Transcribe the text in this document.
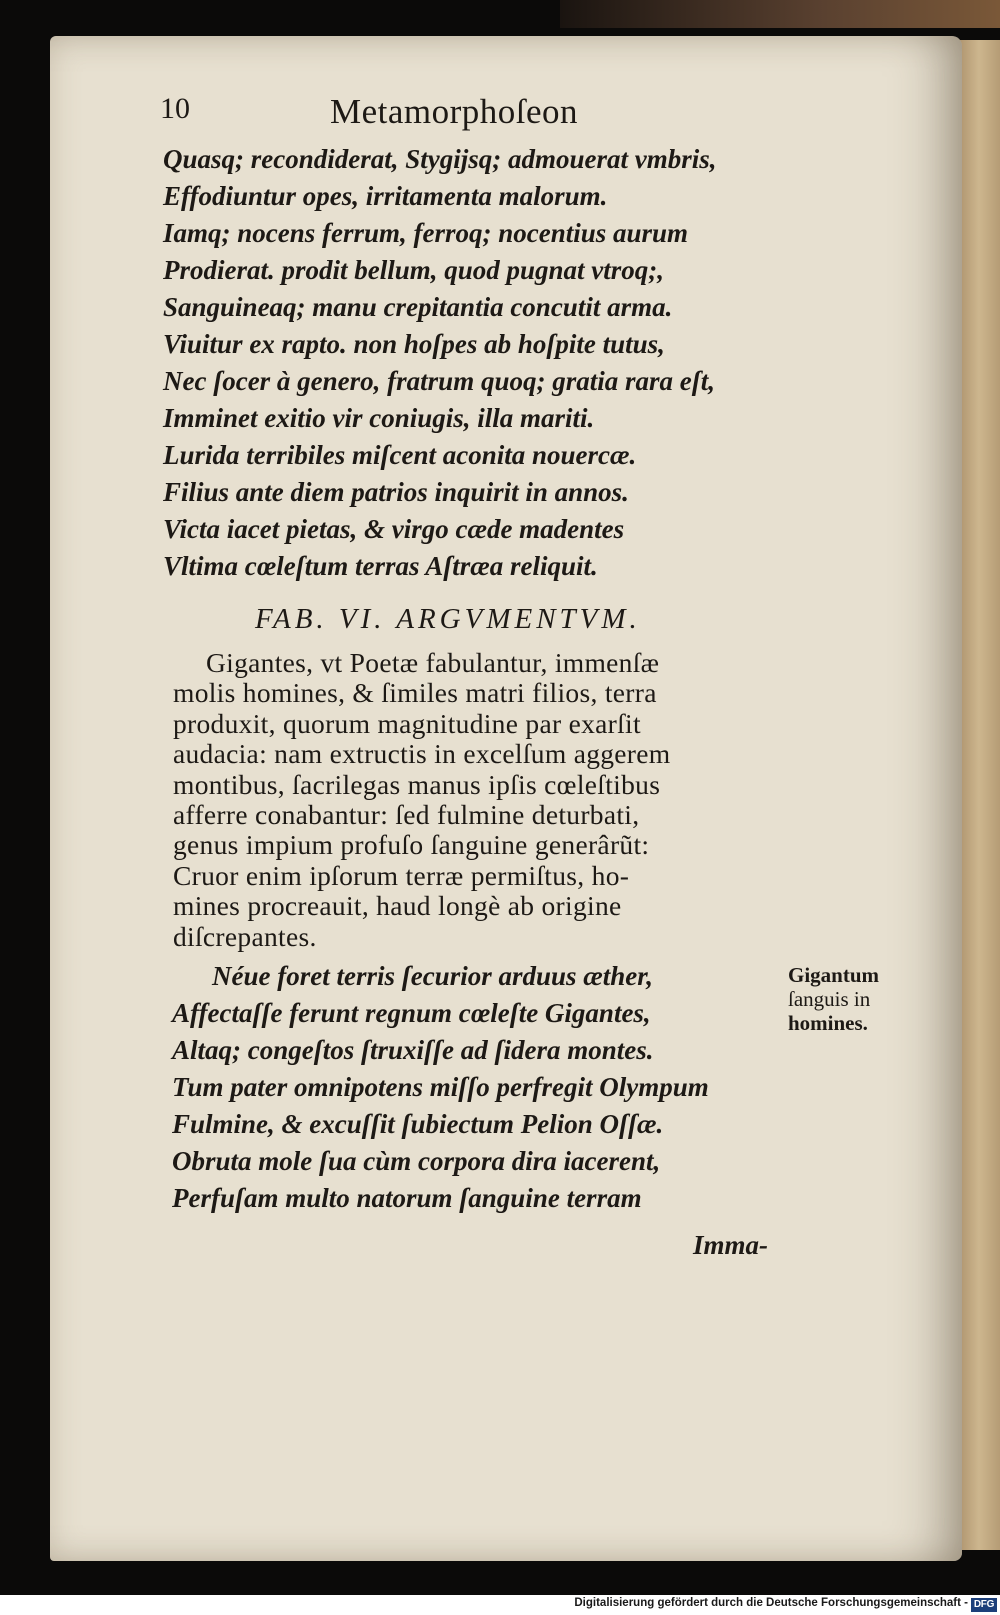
10	Metamorphoſeon
Quasq; recondiderat, Stygijsq; admouerat vmbris,
Effodiuntur opes, irritamenta malorum.
Iamq; nocens ferrum, ferroq; nocentius aurum
Prodierat. prodit bellum, quod pugnat vtroq;,
Sanguineaq; manu crepitantia concutit arma.
Viuitur ex rapto. non hoſpes ab hoſpite tutus,
Nec ſocer à genero, fratrum quoq; gratia rara eſt,
Imminet exitio vir coniugis, illa mariti.
Lurida terribiles miſcent aconita nouercæ.
Filius ante diem patrios inquirit in annos.
Victa iacet pietas, & virgo cæde madentes
Vltima cœleſtum terras Aſtræa reliquit.
FAB. VI. ARGVMENTVM.
Gigantes, vt Poetæ fabulantur, immenſæ
molis homines, & ſimiles matri filios, terra
produxit, quorum magnitudine par exarſit
audacia: nam extructis in excelſum aggerem
montibus, ſacrilegas manus ipſis cœleſtibus
afferre conabantur: ſed fulmine deturbati,
genus impium profuſo ſanguine generârũt:
Cruor enim ipſorum terræ permiſtus, ho-
mines procreauit, haud longè ab origine
diſcrepantes.
Néue foret terris ſecurior arduus æther,
Affectaſſe ferunt regnum cœleſte Gigantes,
Altaq; congeſtos ſtruxiſſe ad ſidera montes.
Tum pater omnipotens miſſo perfregit Olympum
Fulmine, & excuſſit ſubiectum Pelion Oſſæ.
Obruta mole ſua cùm corpora dira iacerent,
Perfuſam multo natorum ſanguine terram
Gigantum
ſanguis in
homines.
Imma-
Digitalisierung gefördert durch die Deutsche Forschungsgemeinschaft - DFG
